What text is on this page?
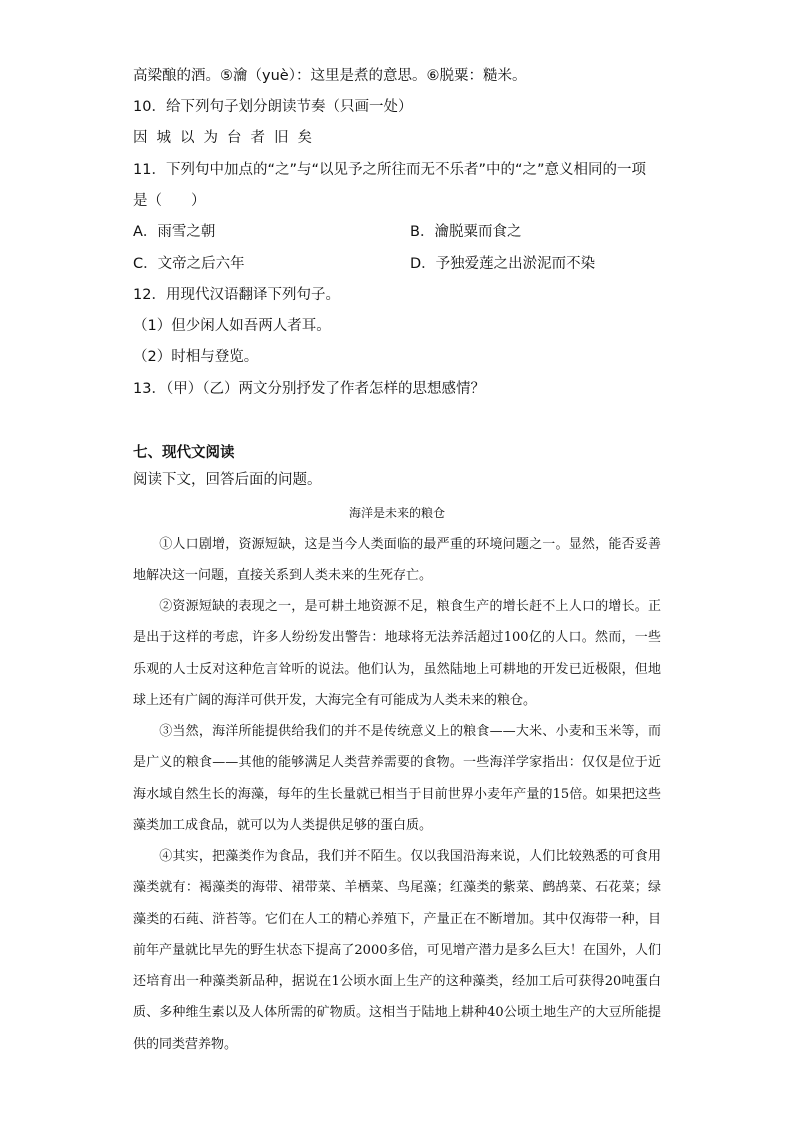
高梁酿的酒。⑤瀹（yuè）：这里是煮的意思。⑥脱粟：糙米。
10．给下列句子划分朗读节奏（只画一处）
因城以为台者旧矣
11．下列句中加点的“之”与“以见予之所往而无不乐者”中的“之”意义相同的一项
是（　　）
A．雨雪之朝	B．瀹脱粟而食之
C．文帝之后六年	D．予独爱莲之出淤泥而不染
12．用现代汉语翻译下列句子。
（1）但少闲人如吾两人者耳。
（2）时相与登览。
13．（甲）（乙）两文分别抒发了作者怎样的思想感情？
七、现代文阅读
阅读下文，回答后面的问题。
海洋是未来的粮仓
①人口剧增，资源短缺，这是当今人类面临的最严重的环境问题之一。显然，能否妥善地解决这一问题，直接关系到人类未来的生死存亡。
②资源短缺的表现之一，是可耕土地资源不足，粮食生产的增长赶不上人口的增长。正是出于这样的考虑，许多人纷纷发出警告：地球将无法养活超过100亿的人口。然而，一些乐观的人士反对这种危言耸听的说法。他们认为，虽然陆地上可耕地的开发已近极限，但地球上还有广阔的海洋可供开发，大海完全有可能成为人类未来的粮仓。
③当然，海洋所能提供给我们的并不是传统意义上的粮食——大米、小麦和玉米等，而是广义的粮食——其他的能够满足人类营养需要的食物。一些海洋学家指出：仅仅是位于近海水域自然生长的海藻，每年的生长量就已相当于目前世界小麦年产量的15倍。如果把这些藻类加工成食品，就可以为人类提供足够的蛋白质。
④其实，把藻类作为食品，我们并不陌生。仅以我国沿海来说，人们比较熟悉的可食用藻类就有：褐藻类的海带、裙带菜、羊栖菜、鸟尾藻；红藻类的紫菜、鹧鸪菜、石花菜；绿藻类的石莼、浒苔等。它们在人工的精心养殖下，产量正在不断增加。其中仅海带一种，目前年产量就比早先的野生状态下提高了2000多倍，可见增产潜力是多么巨大！在国外，人们还培育出一种藻类新品种，据说在1公顷水面上生产的这种藻类，经加工后可获得20吨蛋白质、多种维生素以及人体所需的矿物质。这相当于陆地上耕种40公顷土地生产的大豆所能提供的同类营养物。
